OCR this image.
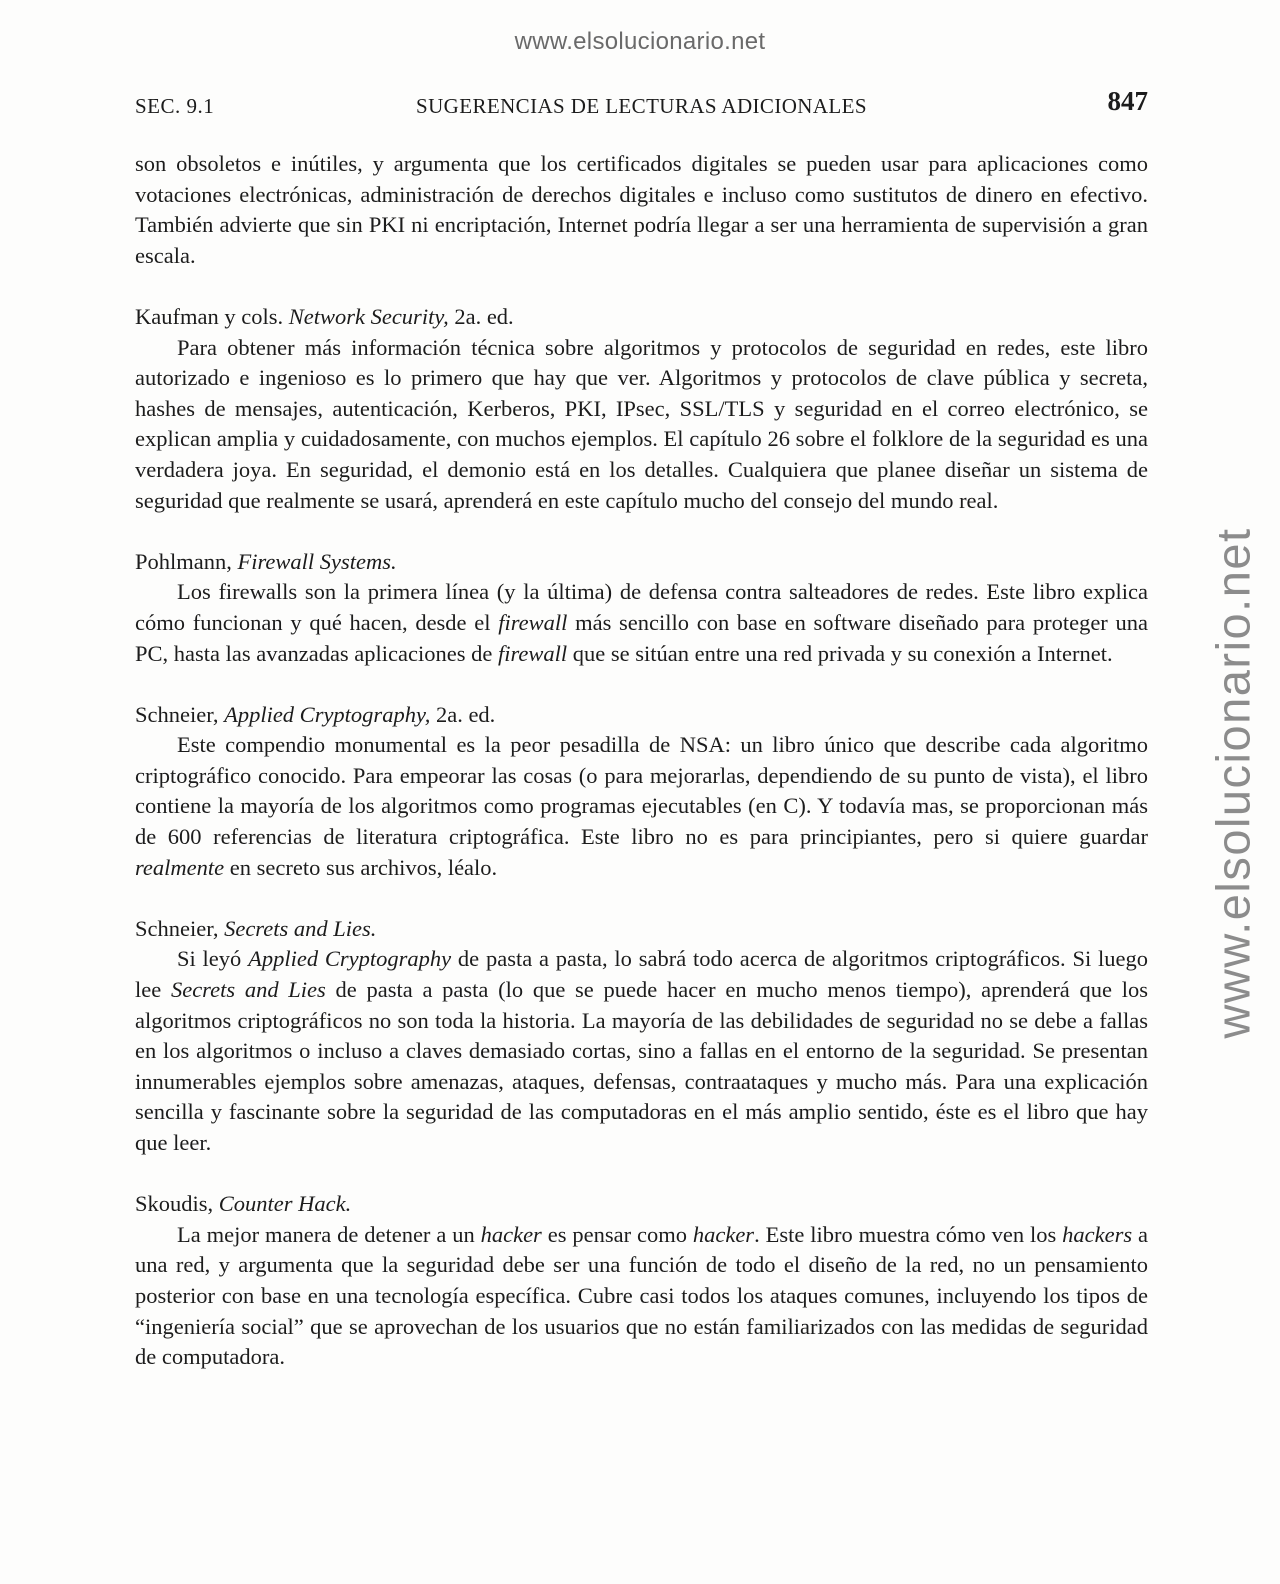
www.elsolucionario.net
www.elsolucionario.net
SEC. 9.1	SUGERENCIAS DE LECTURAS ADICIONALES	847

son obsoletos e inútiles, y argumenta que los certificados digitales se pueden usar para aplicaciones como votaciones electrónicas, administración de derechos digitales e incluso como sustitutos de dinero en efectivo. También advierte que sin PKI ni encriptación, Internet podría llegar a ser una herramienta de supervisión a gran escala.

Kaufman y cols. Network Security, 2a. ed.

Para obtener más información técnica sobre algoritmos y protocolos de seguridad en redes, este libro autorizado e ingenioso es lo primero que hay que ver. Algoritmos y protocolos de clave pública y secreta, hashes de mensajes, autenticación, Kerberos, PKI, IPsec, SSL/TLS y seguridad en el correo electrónico, se explican amplia y cuidadosamente, con muchos ejemplos. El capítulo 26 sobre el folklore de la seguridad es una verdadera joya. En seguridad, el demonio está en los detalles. Cualquiera que planee diseñar un sistema de seguridad que realmente se usará, aprenderá en este capítulo mucho del consejo del mundo real.

Pohlmann, Firewall Systems.

Los firewalls son la primera línea (y la última) de defensa contra salteadores de redes. Este libro explica cómo funcionan y qué hacen, desde el firewall más sencillo con base en software diseñado para proteger una PC, hasta las avanzadas aplicaciones de firewall que se sitúan entre una red privada y su conexión a Internet.

Schneier, Applied Cryptography, 2a. ed.

Este compendio monumental es la peor pesadilla de NSA: un libro único que describe cada algoritmo criptográfico conocido. Para empeorar las cosas (o para mejorarlas, dependiendo de su punto de vista), el libro contiene la mayoría de los algoritmos como programas ejecutables (en C). Y todavía mas, se proporcionan más de 600 referencias de literatura criptográfica. Este libro no es para principiantes, pero si quiere guardar realmente en secreto sus archivos, léalo.

Schneier, Secrets and Lies.

Si leyó Applied Cryptography de pasta a pasta, lo sabrá todo acerca de algoritmos criptográficos. Si luego lee Secrets and Lies de pasta a pasta (lo que se puede hacer en mucho menos tiempo), aprenderá que los algoritmos criptográficos no son toda la historia. La mayoría de las debilidades de seguridad no se debe a fallas en los algoritmos o incluso a claves demasiado cortas, sino a fallas en el entorno de la seguridad. Se presentan innumerables ejemplos sobre amenazas, ataques, defensas, contraataques y mucho más. Para una explicación sencilla y fascinante sobre la seguridad de las computadoras en el más amplio sentido, éste es el libro que hay que leer.

Skoudis, Counter Hack.

La mejor manera de detener a un hacker es pensar como hacker. Este libro muestra cómo ven los hackers a una red, y argumenta que la seguridad debe ser una función de todo el diseño de la red, no un pensamiento posterior con base en una tecnología específica. Cubre casi todos los ataques comunes, incluyendo los tipos de “ingeniería social” que se aprovechan de los usuarios que no están familiarizados con las medidas de seguridad de computadora.
